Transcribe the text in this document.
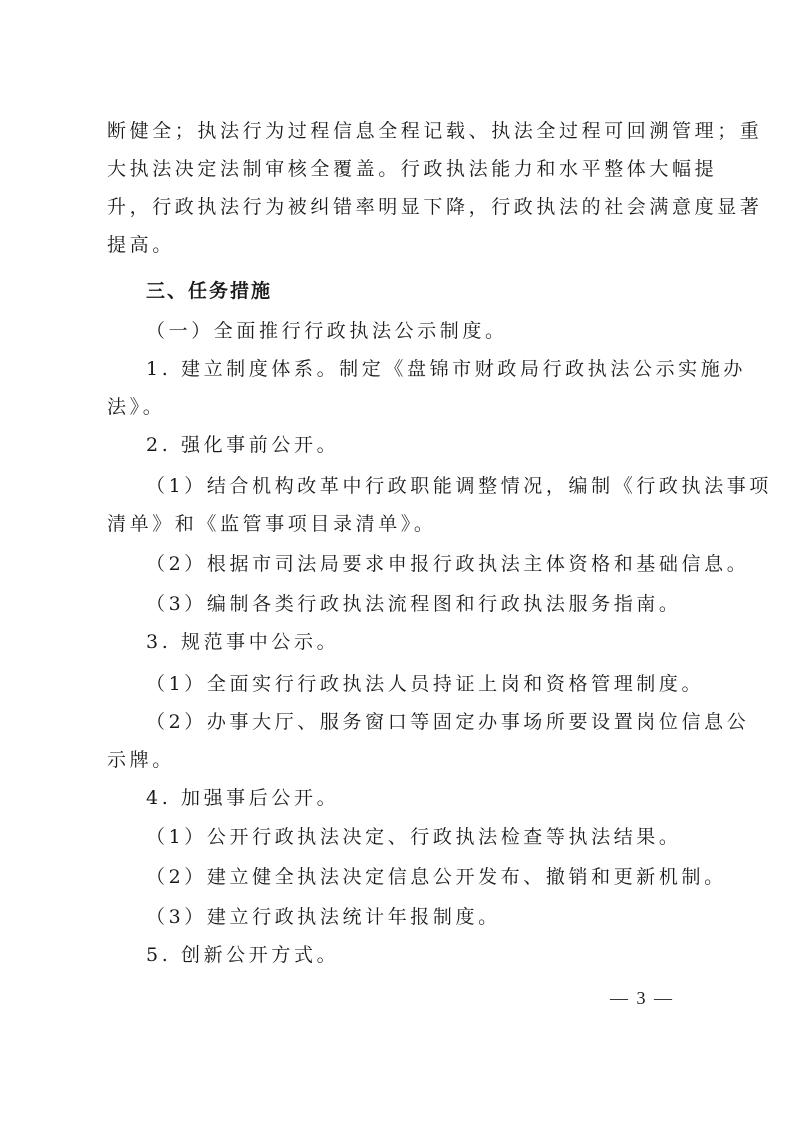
断健全；执法行为过程信息全程记载、执法全过程可回溯管理；重
大执法决定法制审核全覆盖。行政执法能力和水平整体大幅提
升，行政执法行为被纠错率明显下降，行政执法的社会满意度显著
提高。
三、任务措施
（一）全面推行行政执法公示制度。
1. 建立制度体系。制定《盘锦市财政局行政执法公示实施办
法》。
2. 强化事前公开。
（1）结合机构改革中行政职能调整情况，编制《行政执法事项
清单》和《监管事项目录清单》。
（2）根据市司法局要求申报行政执法主体资格和基础信息。
（3）编制各类行政执法流程图和行政执法服务指南。
3. 规范事中公示。
（1）全面实行行政执法人员持证上岗和资格管理制度。
（2）办事大厅、服务窗口等固定办事场所要设置岗位信息公
示牌。
4. 加强事后公开。
（1）公开行政执法决定、行政执法检查等执法结果。
（2）建立健全执法决定信息公开发布、撤销和更新机制。
（3）建立行政执法统计年报制度。
5. 创新公开方式。
— 3 —
